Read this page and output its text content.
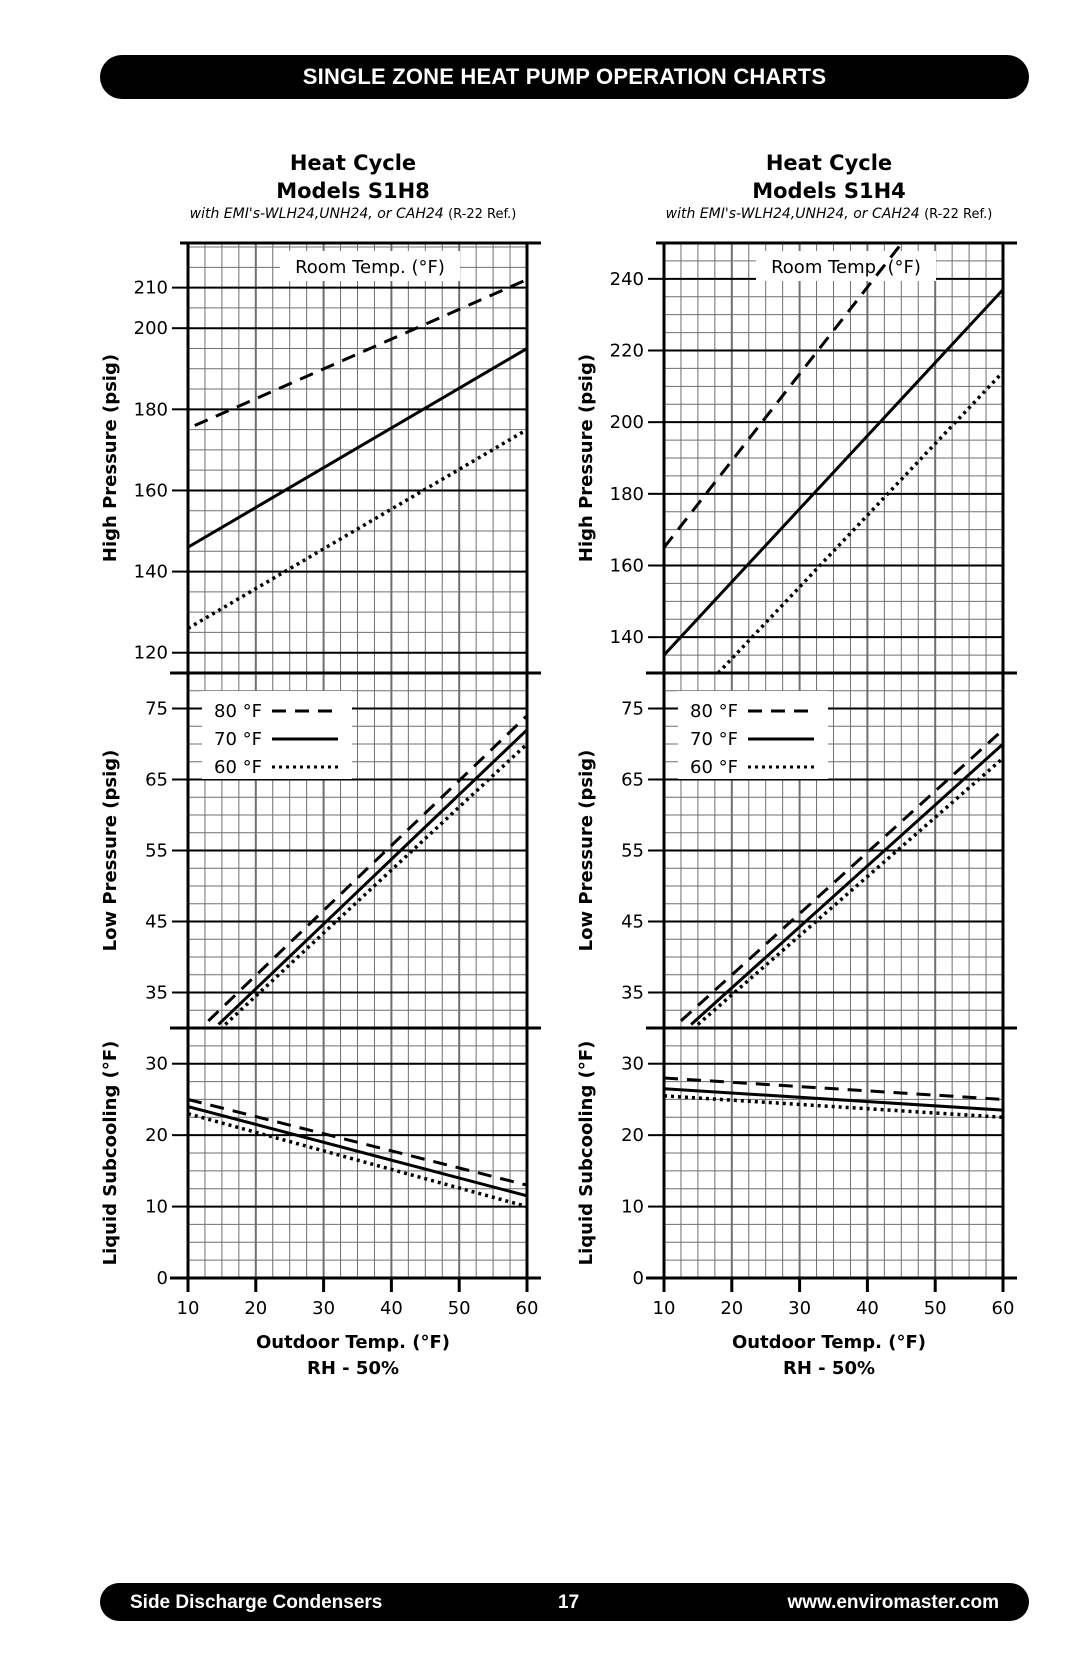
SINGLE ZONE HEAT PUMP OPERATION CHARTS
Heat Cycle
Models S1H8
with EMI's-WLH24,UNH24, or CAH24 (R-22 Ref.)
120
140
160
180
200
210
High Pressure (psig)
Room Temp. (°F)
35
45
55
65
75
Low Pressure (psig)
80 °F
70 °F
60 °F
0
10
20
30
Liquid Subcooling (°F)
10 20 30 40 50 60
Outdoor Temp. (°F)
RH - 50%
Heat Cycle
Models S1H4
with EMI's-WLH24,UNH24, or CAH24 (R-22 Ref.)
140
160
180
200
220
240
High Pressure (psig)
Room Temp. (°F)
35
45
55
65
75
Low Pressure (psig)
80 °F
70 °F
60 °F
0
10
20
30
Liquid Subcooling (°F)
10 20 30 40 50 60
Outdoor Temp. (°F)
RH - 50%
Side Discharge Condensers	17	www.enviromaster.com
